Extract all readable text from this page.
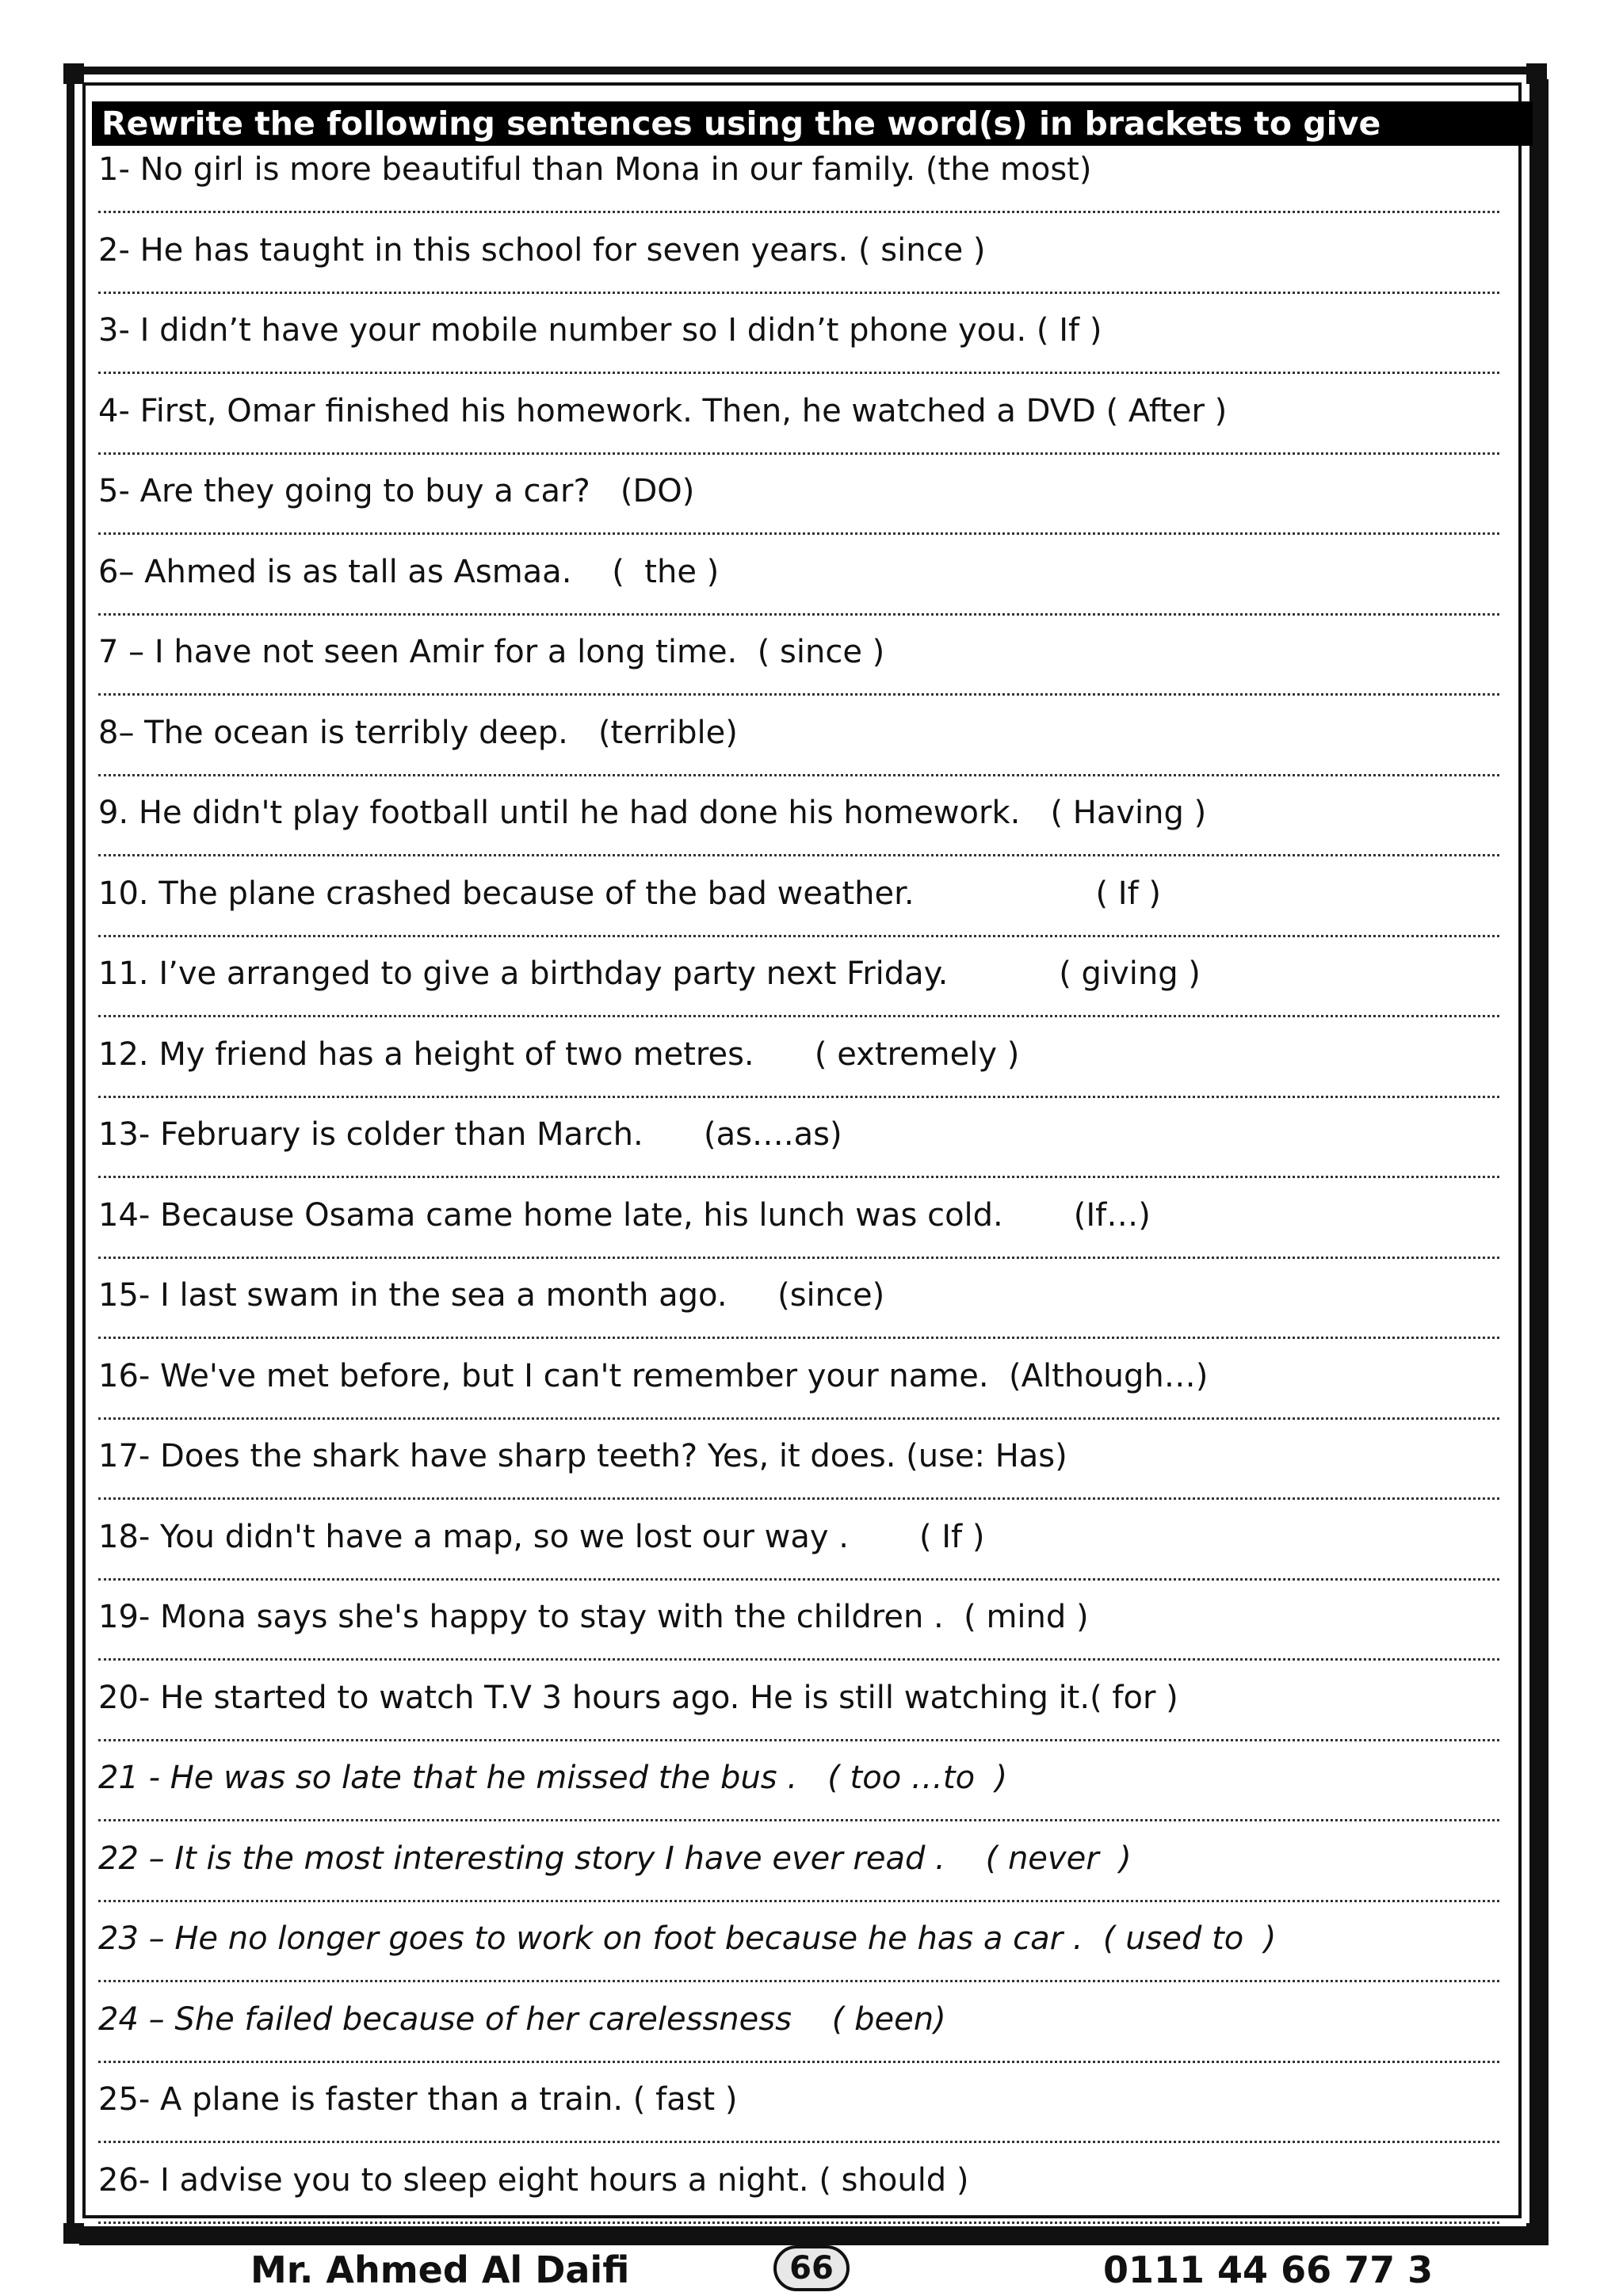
Rewrite the following sentences using the word(s) in brackets to give
1- No girl is more beautiful than Mona in our family. (the most)
2- He has taught in this school for seven years. ( since )
3- I didn’t have your mobile number so I didn’t phone you. ( If )
4- First, Omar finished his homework. Then, he watched a DVD ( After )
5- Are they going to buy a car?   (DO)
6– Ahmed is as tall as Asmaa.    (  the )
7 – I have not seen Amir for a long time.  ( since )
8– The ocean is terribly deep.   (terrible)
9. He didn't play football until he had done his homework.   ( Having )
10. The plane crashed because of the bad weather.                  ( If )
11. I’ve arranged to give a birthday party next Friday.           ( giving )
12. My friend has a height of two metres.      ( extremely )
13- February is colder than March.      (as….as)
14- Because Osama came home late, his lunch was cold.       (If…)
15- I last swam in the sea a month ago.     (since)
16- We've met before, but I can't remember your name.  (Although…)
17- Does the shark have sharp teeth? Yes, it does. (use: Has)
18- You didn't have a map, so we lost our way .       ( If )
19- Mona says she's happy to stay with the children .  ( mind )
20- He started to watch T.V 3 hours ago. He is still watching it.( for )
21 - He was so late that he missed the bus .   ( too …to  )
22 – It is the most interesting story I have ever read .    ( never  )
23 – He no longer goes to work on foot because he has a car .  ( used to  )
24 – She failed because of her carelessness    ( been)
25- A plane is faster than a train. ( fast )
26- I advise you to sleep eight hours a night. ( should )
Mr. Ahmed Al Daifi	66	0111 44 66 77 3
